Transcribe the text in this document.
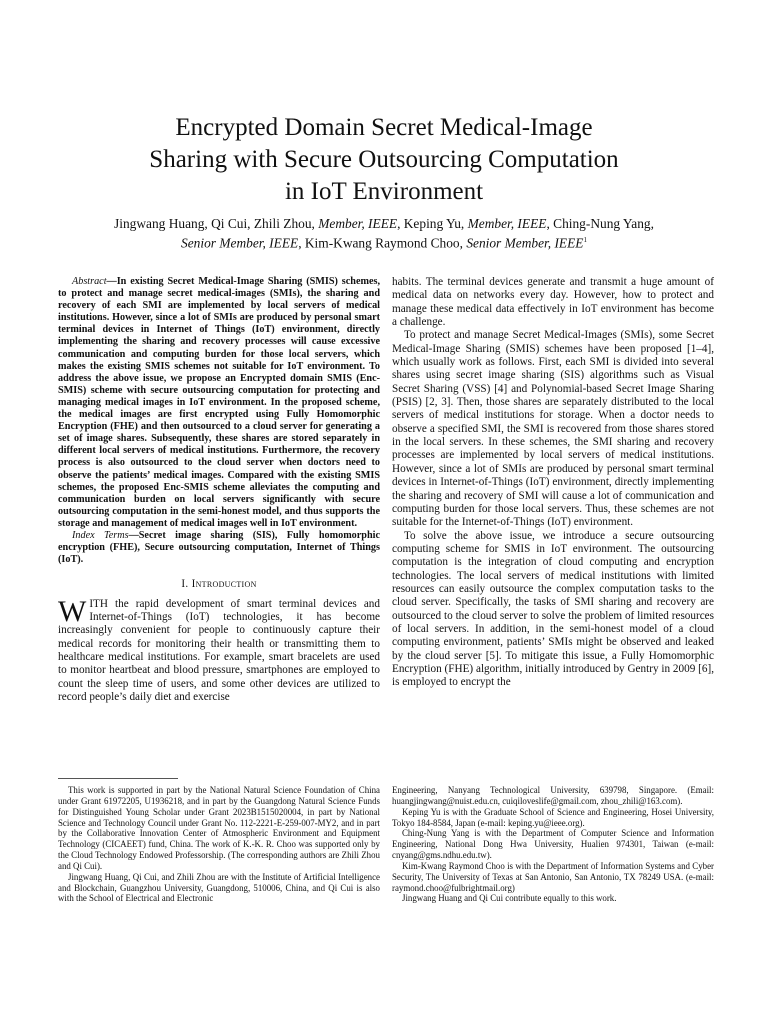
Encrypted Domain Secret Medical-Image
Sharing with Secure Outsourcing Computation
in IoT Environment
Jingwang Huang, Qi Cui, Zhili Zhou, Member, IEEE, Keping Yu, Member, IEEE, Ching-Nung Yang,
Senior Member, IEEE, Kim-Kwang Raymond Choo, Senior Member, IEEE$^1$

Abstract—In existing Secret Medical-Image Sharing (SMIS) schemes, to protect and manage secret medical-images (SMIs), the sharing and recovery of each SMI are implemented by local servers of medical institutions. However, since a lot of SMIs are produced by personal smart terminal devices in Internet of Things (IoT) environment, directly implementing the sharing and recovery processes will cause excessive communication and computing burden for those local servers, which makes the existing SMIS schemes not suitable for IoT environment. To address the above issue, we propose an Encrypted domain SMIS (Enc-SMIS) scheme with secure outsourcing computation for protecting and managing medical images in IoT environment. In the proposed scheme, the medical images are first encrypted using Fully Homomorphic Encryption (FHE) and then outsourced to a cloud server for generating a set of image shares. Subsequently, these shares are stored separately in different local servers of medical institutions. Furthermore, the recovery process is also outsourced to the cloud server when doctors need to observe the patients’ medical images. Compared with the existing SMIS schemes, the proposed Enc-SMIS scheme alleviates the computing and communication burden on local servers significantly with secure outsourcing computation in the semi-honest model, and thus supports the storage and management of medical images well in IoT environment.

Index Terms—Secret image sharing (SIS), Fully homomorphic encryption (FHE), Secure outsourcing computation, Internet of Things (IoT).

I. Introduction

WITH the rapid development of smart terminal devices and Internet-of-Things (IoT) technologies, it has become increasingly convenient for people to continuously capture their medical records for monitoring their health or transmitting them to healthcare medical institutions. For example, smart bracelets are used to monitor heartbeat and blood pressure, smartphones are employed to count the sleep time of users, and some other devices are utilized to record people’s daily diet and exercise

habits. The terminal devices generate and transmit a huge amount of medical data on networks every day. However, how to protect and manage these medical data effectively in IoT environment has become a challenge.

To protect and manage Secret Medical-Images (SMIs), some Secret Medical-Image Sharing (SMIS) schemes have been proposed [1–4], which usually work as follows. First, each SMI is divided into several shares using secret image sharing (SIS) algorithms such as Visual Secret Sharing (VSS) [4] and Polynomial-based Secret Image Sharing (PSIS) [2, 3]. Then, those shares are separately distributed to the local servers of medical institutions for storage. When a doctor needs to observe a specified SMI, the SMI is recovered from those shares stored in the local servers. In these schemes, the SMI sharing and recovery processes are implemented by local servers of medical institutions. However, since a lot of SMIs are produced by personal smart terminal devices in Internet-of-Things (IoT) environment, directly implementing the sharing and recovery of SMI will cause a lot of communication and computing burden for those local servers. Thus, these schemes are not suitable for the Internet-of-Things (IoT) environment.

To solve the above issue, we introduce a secure outsourcing computing scheme for SMIS in IoT environment. The outsourcing computation is the integration of cloud computing and encryption technologies. The local servers of medical institutions with limited resources can easily outsource the complex computation tasks to the cloud server. Specifically, the tasks of SMI sharing and recovery are outsourced to the cloud server to solve the problem of limited resources of local servers. In addition, in the semi-honest model of a cloud computing environment, patients’ SMIs might be observed and leaked by the cloud server [5]. To mitigate this issue, a Fully Homomorphic Encryption (FHE) algorithm, initially introduced by Gentry in 2009 [6], is employed to encrypt the

This work is supported in part by the National Natural Science Foundation of China under Grant 61972205, U1936218, and in part by the Guangdong Natural Science Funds for Distinguished Young Scholar under Grant 2023B1515020004, in part by National Science and Technology Council under Grant No. 112-2221-E-259-007-MY2, and in part by the Collaborative Innovation Center of Atmospheric Environment and Equipment Technology (CICAEET) fund, China. The work of K.-K. R. Choo was supported only by the Cloud Technology Endowed Professorship. (The corresponding authors are Zhili Zhou and Qi Cui).

Jingwang Huang, Qi Cui, and Zhili Zhou are with the Institute of Artificial Intelligence and Blockchain, Guangzhou University, Guangdong, 510006, China, and Qi Cui is also with the School of Electrical and Electronic

Engineering, Nanyang Technological University, 639798, Singapore. (Email: huangjingwang@nuist.edu.cn, cuiqiloveslife@gmail.com, zhou_zhili@163.com).

Keping Yu is with the Graduate School of Science and Engineering, Hosei University, Tokyo 184-8584, Japan (e-mail: keping.yu@ieee.org).

Ching-Nung Yang is with the Department of Computer Science and Information Engineering, National Dong Hwa University, Hualien 974301, Taiwan (e-mail: cnyang@gms.ndhu.edu.tw).

Kim-Kwang Raymond Choo is with the Department of Information Systems and Cyber Security, The University of Texas at San Antonio, San Antonio, TX 78249 USA. (e-mail: raymond.choo@fulbrightmail.org)

Jingwang Huang and Qi Cui contribute equally to this work.
